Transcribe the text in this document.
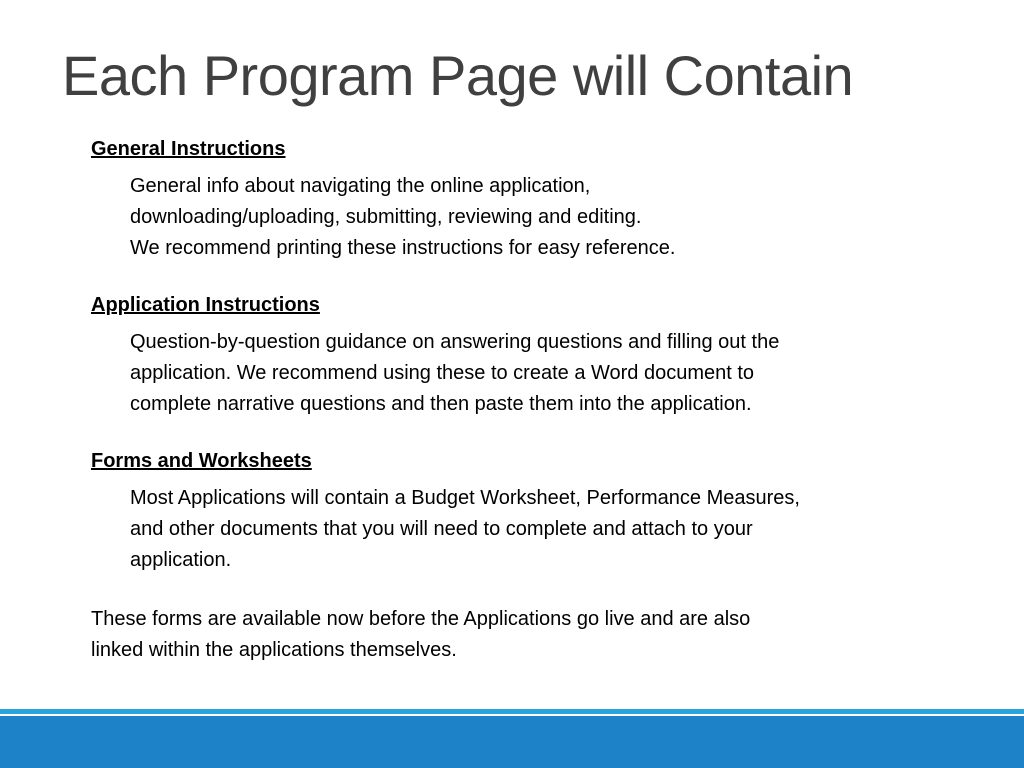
Each Program Page will Contain
General Instructions

General info about navigating the online application,

downloading/uploading, submitting, reviewing and editing.

We recommend printing these instructions for easy reference.

Application Instructions

Question-by-question guidance on answering questions and filling out the

application. We recommend using these to create a Word document to

complete narrative questions and then paste them into the application.

Forms and Worksheets

Most Applications will contain a Budget Worksheet, Performance Measures,

and other documents that you will need to complete and attach to your

application.

These forms are available now before the Applications go live and are also

linked within the applications themselves.
